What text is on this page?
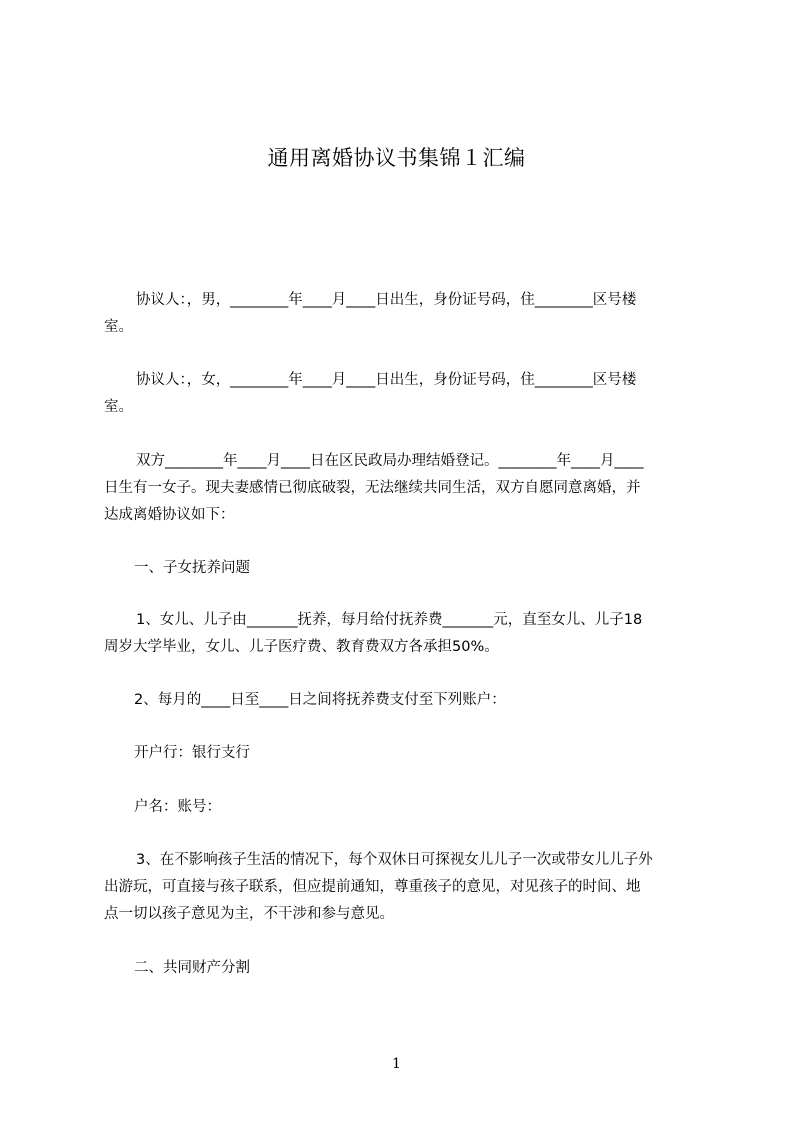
通用离婚协议书集锦１汇编
协议人：，男，________年____月____日出生，身份证号码，住________区号楼
室。
协议人：，女，________年____月____日出生，身份证号码，住________区号楼
室。
双方________年____月____日在区民政局办理结婚登记。________年____月____
日生有一女子。现夫妻感情已彻底破裂，无法继续共同生活，双方自愿同意离婚，并
达成离婚协议如下：
一、子女抚养问题
1、女儿、儿子由_______抚养，每月给付抚养费_______元，直至女儿、儿子18
周岁大学毕业，女儿、儿子医疗费、教育费双方各承担50%。
2、每月的____日至____日之间将抚养费支付至下列账户：
开户行：银行支行
户名：账号：
3、在不影响孩子生活的情况下，每个双休日可探视女儿儿子一次或带女儿儿子外
出游玩，可直接与孩子联系，但应提前通知，尊重孩子的意见，对见孩子的时间、地
点一切以孩子意见为主，不干涉和参与意见。
二、共同财产分割
1
